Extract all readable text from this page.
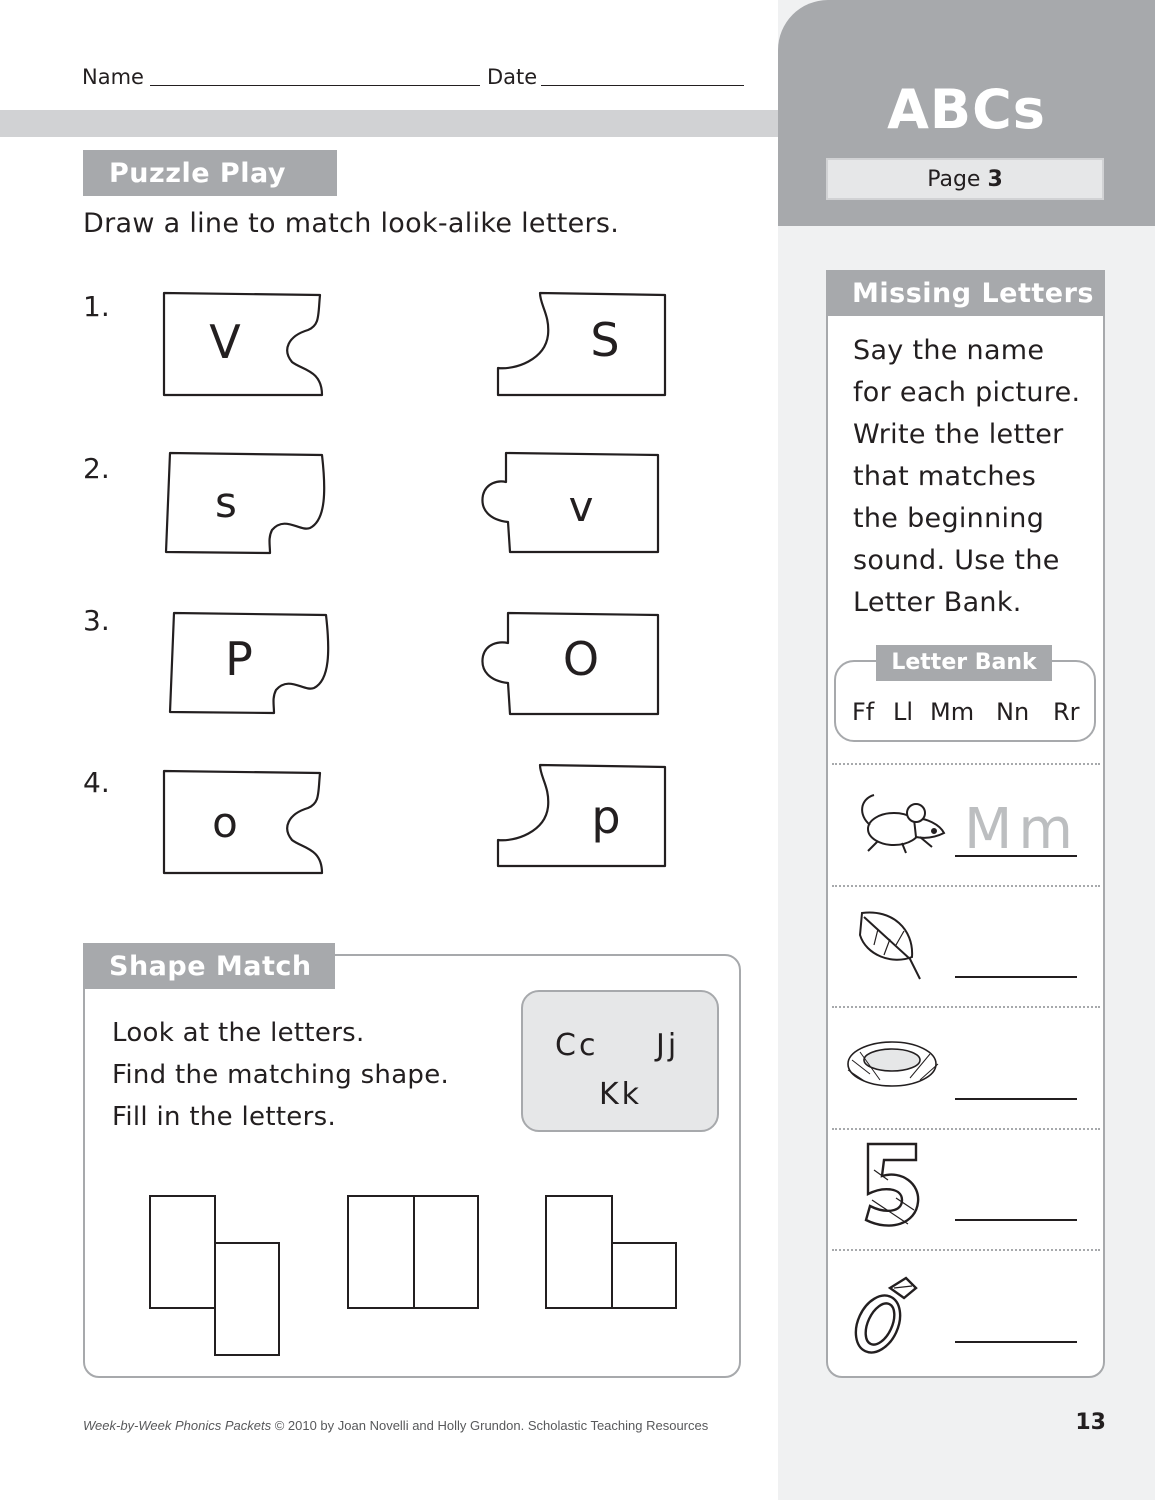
ABCs
Page 3
Name	Date
Puzzle Play
Draw a line to match look-alike letters.
1.
2.
3.
4.
V	S
s	v
P	O
o	p
Shape Match
Look at the letters.
Find the matching shape.
Fill in the letters.
Cc Jj
Kk
Missing Letters
Say the name
for each picture.
Write the letter
that matches
the beginning
sound. Use the
Letter Bank.
Letter Bank
Ff Ll Mm Nn Rr
Mm
Week-by-Week Phonics Packets © 2010 by Joan Novelli and Holly Grundon. Scholastic Teaching Resources	13
